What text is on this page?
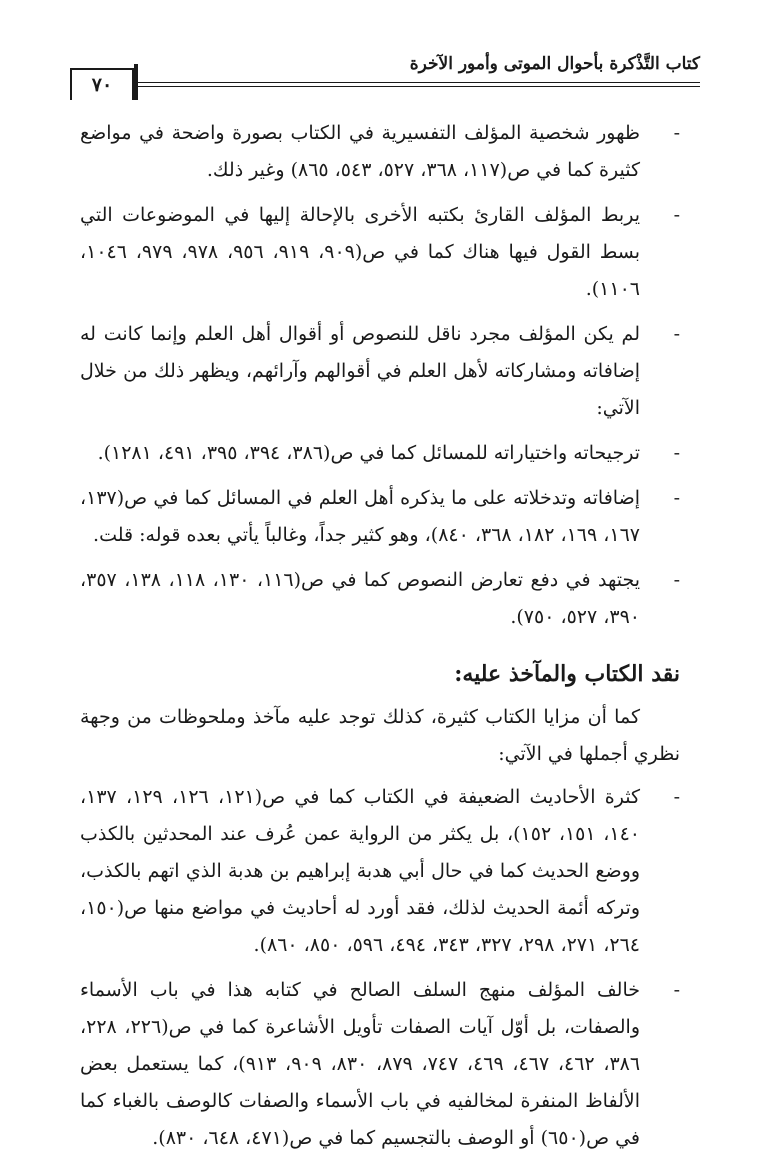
كتاب التَّذْكرة بأحوال الموتى وأمور الآخرة
٧٠
-
ظهور شخصية المؤلف التفسيرية في الكتاب بصورة واضحة في مواضع كثيرة كما في ص(١١٧، ٣٦٨، ٥٢٧، ٥٤٣، ٨٦٥) وغير ذلك.
-
يربط المؤلف القارئ بكتبه الأخرى بالإحالة إليها في الموضوعات التي بسط القول فيها هناك كما في ص(٩٠٩، ٩١٩، ٩٥٦، ٩٧٨، ٩٧٩، ١٠٤٦، ١١٠٦).
-
لم يكن المؤلف مجرد ناقل للنصوص أو أقوال أهل العلم وإنما كانت له إضافاته ومشاركاته لأهل العلم في أقوالهم وآرائهم، ويظهر ذلك من خلال الآتي:
-
ترجيحاته واختياراته للمسائل كما في ص(٣٨٦، ٣٩٤، ٣٩٥، ٤٩١، ١٢٨١).
-
إضافاته وتدخلاته على ما يذكره أهل العلم في المسائل كما في ص(١٣٧، ١٦٧، ١٦٩، ١٨٢، ٣٦٨، ٨٤٠)، وهو كثير جداً، وغالباً يأتي بعده قوله: قلت.
-
يجتهد في دفع تعارض النصوص كما في ص(١١٦، ١٣٠، ١١٨، ١٣٨، ٣٥٧، ٣٩٠، ٥٢٧، ٧٥٠).
نقد الكتاب والمآخذ عليه:
كما أن مزايا الكتاب كثيرة، كذلك توجد عليه مآخذ وملحوظات من وجهة نظري أجملها في الآتي:
-
كثرة الأحاديث الضعيفة في الكتاب كما في ص(١٢١، ١٢٦، ١٢٩، ١٣٧، ١٤٠، ١٥١، ١٥٢)، بل يكثر من الرواية عمن عُرف عند المحدثين بالكذب ووضع الحديث كما في حال أبي هدبة إبراهيم بن هدبة الذي اتهم بالكذب، وتركه أئمة الحديث لذلك، فقد أورد له أحاديث في مواضع منها ص(١٥٠، ٢٦٤، ٢٧١، ٢٩٨، ٣٢٧، ٣٤٣، ٤٩٤، ٥٩٦، ٨٥٠، ٨٦٠).
-
خالف المؤلف منهج السلف الصالح في كتابه هذا في باب الأسماء والصفات، بل أوّل آيات الصفات تأويل الأشاعرة كما في ص(٢٢٦، ٢٢٨، ٣٨٦، ٤٦٢، ٤٦٧، ٤٦٩، ٧٤٧، ٨٧٩، ٨٣٠، ٩٠٩، ٩١٣)، كما يستعمل بعض الألفاظ المنفرة لمخالفيه في باب الأسماء والصفات كالوصف بالغباء كما في ص(٦٥٠) أو الوصف بالتجسيم كما في ص(٤٧١، ٦٤٨، ٨٣٠).
